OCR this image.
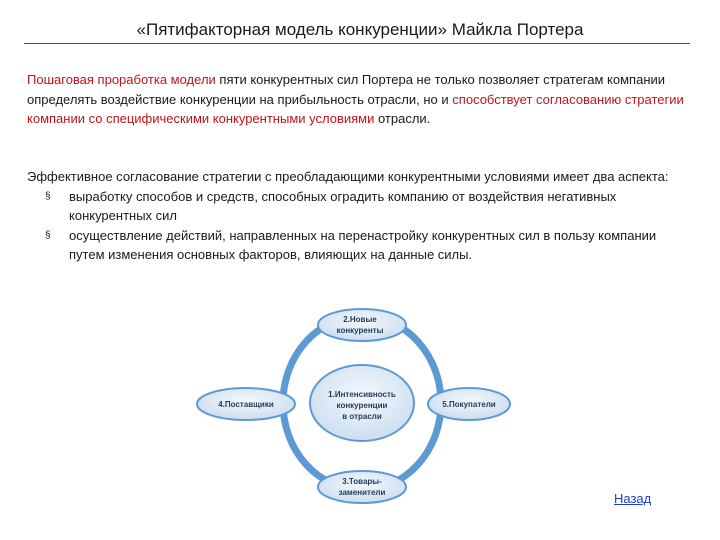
«Пятифакторная модель конкуренции» Майкла Портера

Пошаговая проработка модели пяти конкурентных сил Портера не только позволяет стратегам компании определять воздействие конкуренции на прибыльность отрасли, но и способствует согласованию стратегии компании со специфическими конкурентными условиями отрасли.

Эффективное согласование стратегии с преобладающими конкурентными условиями имеет два аспекта:
§ выработку способов и средств, способных оградить компанию от воздействия негативных конкурентных сил
§ осуществление действий, направленных на перенастройку конкурентных сил в пользу компании путем изменения основных факторов, влияющих на данные силы.
1.Интенсивность
конкуренции
в отрасли
2.Новые
конкуренты
3.Товары-
заменители
4.Поставщики	5.Покупатели
Назад
